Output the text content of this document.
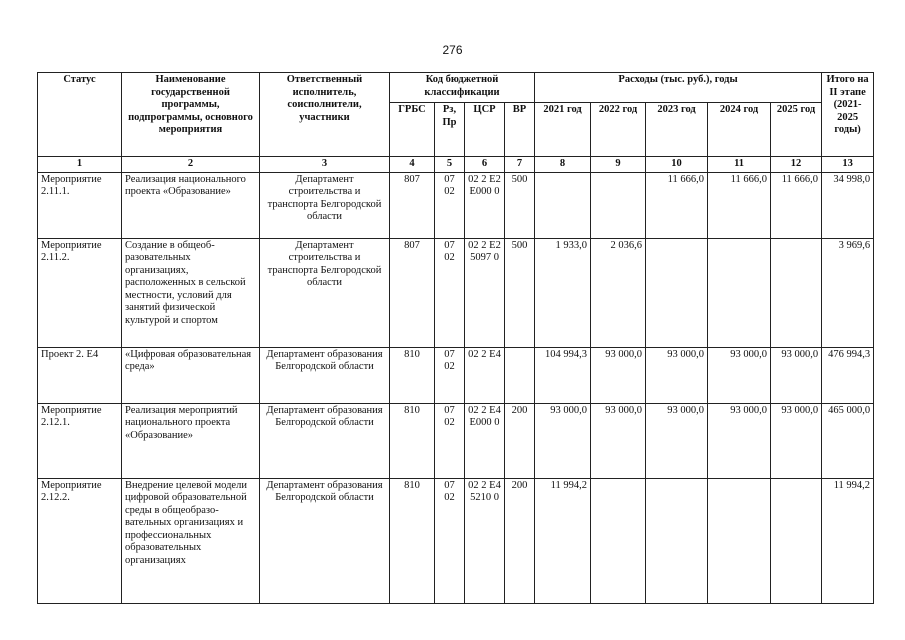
276
Статус	Наименование государственной программы, подпрограммы, основного мероприятия	Ответственный исполнитель, соисполнители, участники	Код бюджетной классификации				Расходы (тыс. руб.), годы					Итого на II этапе (2021-2025 годы)
			ГРБС	Рз, Пр	ЦСР	ВР	2021 год	2022 год	2023 год	2024 год	2025 год	
1	2	3	4	5	6	7	8	9	10	11	12	13
Мероприятие 2.11.1.	Реализация национального проекта «Образование»	Департамент строительства и транспорта Белгородской области	807	07 02	02 2 E2 E000 0	500			11 666,0	11 666,0	11 666,0	34 998,0
Мероприятие 2.11.2.	Создание в общеоб-разовательных организациях, расположенных в сельской местности, условий для занятий физической культурой и спортом	Департамент строительства и транспорта Белгородской области	807	07 02	02 2 E2 5097 0	500	1 933,0	2 036,6				3 969,6
Проект 2. E4	«Цифровая образовательная среда»	Департамент образования Белгородской области	810	07 02	02 2 E4		104 994,3	93 000,0	93 000,0	93 000,0	93 000,0	476 994,3
Мероприятие 2.12.1.	Реализация мероприятий национального проекта «Образование»	Департамент образования Белгородской области	810	07 02	02 2 E4 E000 0	200	93 000,0	93 000,0	93 000,0	93 000,0	93 000,0	465 000,0
Мероприятие 2.12.2.	Внедрение целевой модели цифровой образовательной среды в общеобразо-вательных организациях и профессиональных образовательных организациях	Департамент образования Белгородской области	810	07 02	02 2 E4 5210 0	200	11 994,2					11 994,2
